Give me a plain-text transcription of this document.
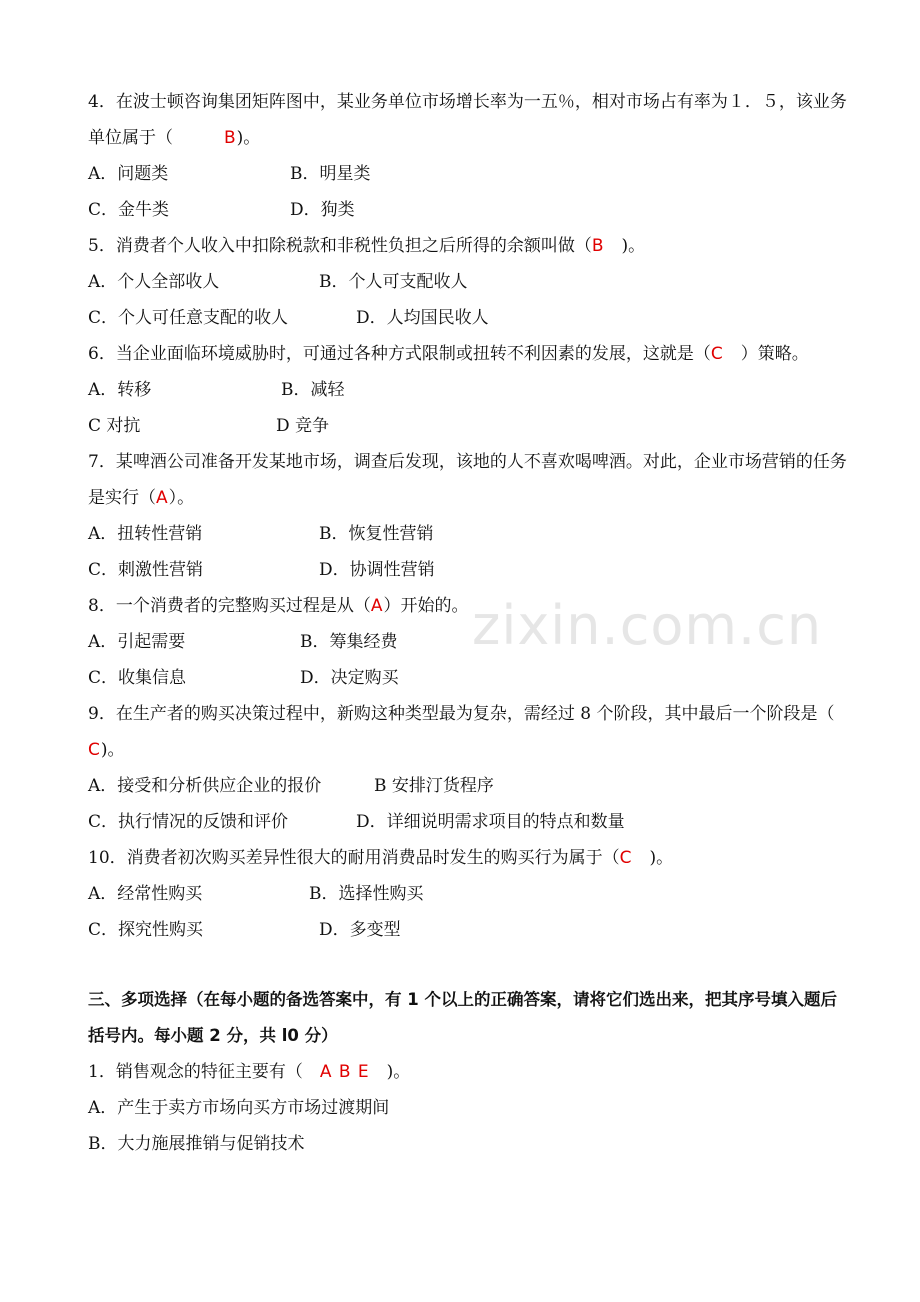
zixin.com.cn
4．在波士顿咨询集团矩阵图中，某业务单位市场增长率为一五％，相对市场占有率为１．５，该业务单位属于（　　　B)。
A．问题类	B．明星类
C．金牛类	D．狗类
5．消费者个人收入中扣除税款和非税性负担之后所得的余额叫做（B　)。
A．个人全部收人	B．个人可支配收人
C．个人可任意支配的收人	D．人均国民收人
6．当企业面临环境威胁时，可通过各种方式限制或扭转不利因素的发展，这就是（C　）策略。
A．转移	B．减轻
C 对抗	D 竞争
7．某啤酒公司准备开发某地市场，调查后发现，该地的人不喜欢喝啤酒。对此，企业市场营销的任务是实行（A）。
A．扭转性营销	B．恢复性营销
C．刺激性营销	D．协调性营销
8．一个消费者的完整购买过程是从（A）开始的。
A．引起需要	B．筹集经费
C．收集信息	D．决定购买
9．在生产者的购买决策过程中，新购这种类型最为复杂，需经过 8 个阶段，其中最后一个阶段是（　C)。
A．接受和分析供应企业的报价	B 安排汀货程序
C．执行情况的反馈和评价	D．详细说明需求项目的特点和数量
10．消费者初次购买差异性很大的耐用消费品时发生的购买行为属于（C　)。
A．经常性购买	B．选择性购买
C．探究性购买	D．多变型
三、多项选择（在每小题的备选答案中，有 1 个以上的正确答案，请将它们选出来，把其序号填入题后括号内。每小题 2 分，共 l0 分）
1．销售观念的特征主要有（　A B E　)。
A．产生于卖方市场向买方市场过渡期间
B．大力施展推销与促销技术
